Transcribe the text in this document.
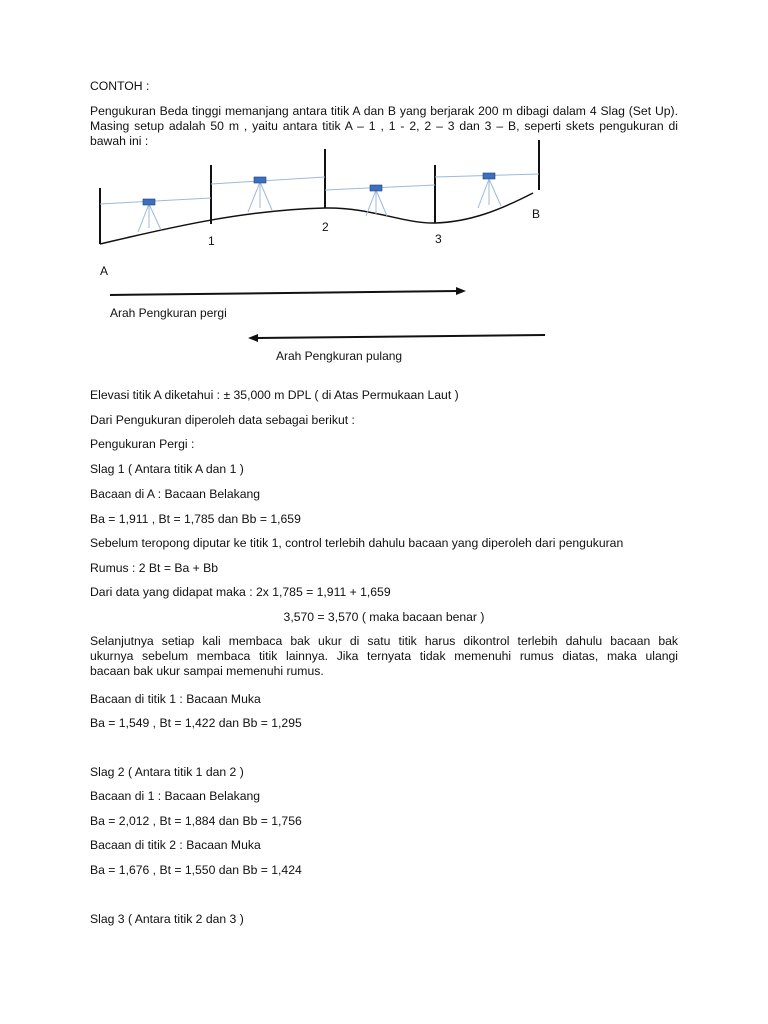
CONTOH :

Pengukuran Beda tinggi memanjang antara titik A dan B yang berjarak 200 m dibagi dalam 4 Slag (Set Up).
Masing setup adalah 50 m , yaitu antara titik A – 1 , 1 - 2, 2 – 3 dan 3 – B, seperti skets pengukuran di
bawah ini :

1
2
3
B
A
Arah Pengkuran pergi
Arah Pengkuran pulang

Elevasi titik A diketahui : ± 35,000 m DPL ( di Atas Permukaan Laut )

Dari Pengukuran diperoleh data sebagai berikut :

Pengukuran Pergi :

Slag 1 ( Antara titik A dan 1 )

Bacaan di A : Bacaan Belakang

Ba = 1,911 , Bt = 1,785 dan Bb = 1,659

Sebelum teropong diputar ke titik 1, control terlebih dahulu bacaan yang diperoleh dari pengukuran

Rumus : 2 Bt = Ba + Bb

Dari data yang didapat maka : 2x 1,785 = 1,911 + 1,659

3,570 = 3,570 ( maka bacaan benar )

Selanjutnya setiap kali membaca bak ukur di satu titik harus dikontrol terlebih dahulu bacaan bak
ukurnya sebelum membaca titik lainnya. Jika ternyata tidak memenuhi rumus diatas, maka ulangi
bacaan bak ukur sampai memenuhi rumus.

Bacaan di titik 1 : Bacaan Muka

Ba = 1,549 , Bt = 1,422 dan Bb = 1,295

Slag 2 ( Antara titik 1 dan 2 )

Bacaan di 1 : Bacaan Belakang

Ba = 2,012 , Bt = 1,884 dan Bb = 1,756

Bacaan di titik 2 : Bacaan Muka

Ba = 1,676 , Bt = 1,550 dan Bb = 1,424

Slag 3 ( Antara titik 2 dan 3 )
